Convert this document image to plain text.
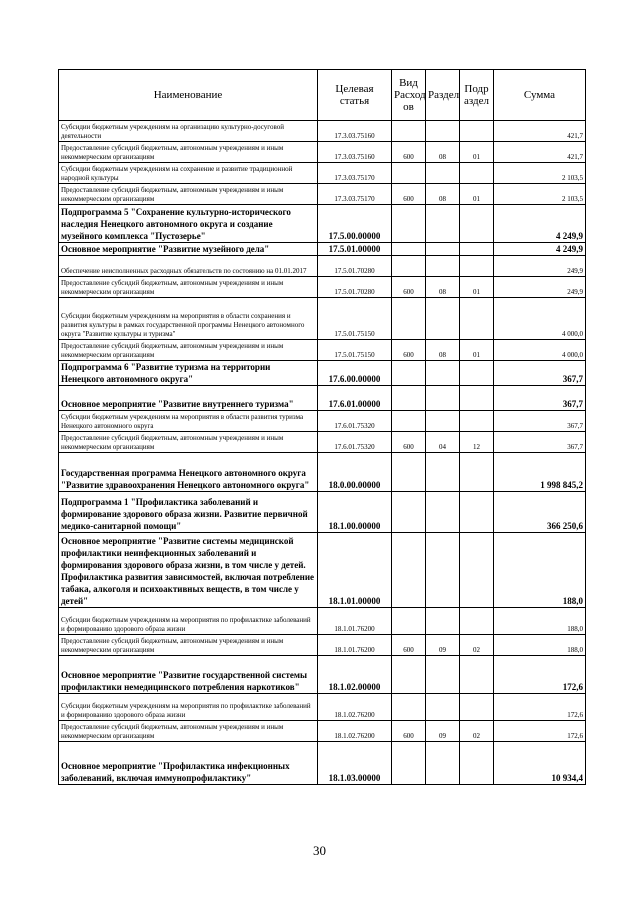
Наименование	Целевая статья	Вид Расход ов	Раздел	Подр аздел	Сумма
Субсидии бюджетным учреждениям на организацию культурно-досуговой деятельности	17.3.03.75160				421,7
Предоставление субсидий бюджетным, автономным учреждениям и иным некоммерческим организациям	17.3.03.75160	600	08	01	421,7
Субсидии бюджетным учреждениям на сохранение и развитие традиционной народной культуры	17.3.03.75170				2 103,5
Предоставление субсидий бюджетным, автономным учреждениям и иным некоммерческим организациям	17.3.03.75170	600	08	01	2 103,5
Подпрограмма 5 "Сохранение культурно-исторического наследия Ненецкого автономного округа и создание музейного комплекса "Пустозерье"	17.5.00.00000				4 249,9
Основное мероприятие "Развитие музейного дела"	17.5.01.00000				4 249,9
Обеспечение неисполненных расходных обязательств по состоянию на 01.01.2017	17.5.01.70280				249,9
Предоставление субсидий бюджетным, автономным учреждениям и иным некоммерческим организациям	17.5.01.70280	600	08	01	249,9
Субсидии бюджетным учреждениям на мероприятия в области сохранения и развития культуры в рамках государственной программы Ненецкого автономного округа "Развитие культуры и туризма"	17.5.01.75150				4 000,0
Предоставление субсидий бюджетным, автономным учреждениям и иным некоммерческим организациям	17.5.01.75150	600	08	01	4 000,0
Подпрограмма 6 "Развитие туризма на территории Ненецкого автономного округа"	17.6.00.00000				367,7
Основное мероприятие "Развитие внутреннего туризма"	17.6.01.00000				367,7
Субсидии бюджетным учреждениям на мероприятия в области развития туризма Ненецкого автономного округа	17.6.01.75320				367,7
Предоставление субсидий бюджетным, автономным учреждениям и иным некоммерческим организациям	17.6.01.75320	600	04	12	367,7
Государственная программа Ненецкого автономного округа "Развитие здравоохранения Ненецкого автономного округа"	18.0.00.00000				1 998 845,2
Подпрограмма 1 "Профилактика заболеваний и формирование здорового образа жизни. Развитие первичной медико-санитарной помощи"	18.1.00.00000				366 250,6
Основное мероприятие "Развитие системы медицинской профилактики неинфекционных заболеваний и формирования здорового образа жизни, в том числе у детей. Профилактика развития зависимостей, включая потребление табака, алкоголя и психоактивных веществ, в том числе у детей"	18.1.01.00000				188,0
Субсидии бюджетным учреждениям на мероприятия по профилактике заболеваний и формированию здорового образа жизни	18.1.01.76200				188,0
Предоставление субсидий бюджетным, автономным учреждениям и иным некоммерческим организациям	18.1.01.76200	600	09	02	188,0
Основное мероприятие "Развитие государственной системы профилактики немедицинского потребления наркотиков"	18.1.02.00000				172,6
Субсидии бюджетным учреждениям на мероприятия по профилактике заболеваний и формированию здорового образа жизни	18.1.02.76200				172,6
Предоставление субсидий бюджетным, автономным учреждениям и иным некоммерческим организациям	18.1.02.76200	600	09	02	172,6
Основное мероприятие "Профилактика инфекционных заболеваний, включая иммунопрофилактику"	18.1.03.00000				10 934,4
30
